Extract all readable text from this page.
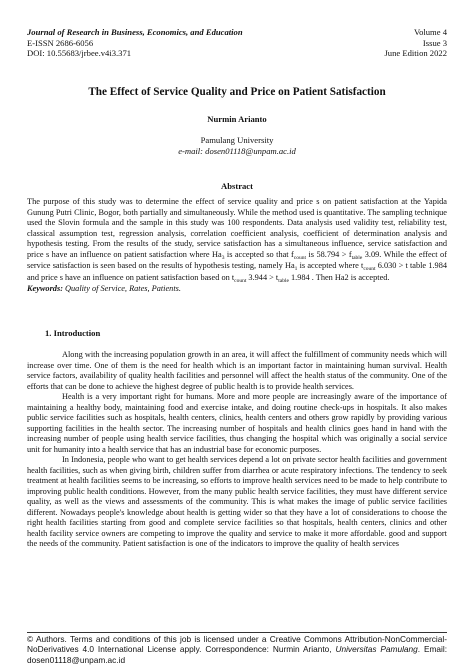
Journal of Research in Business, Economics, and Education
E-ISSN 2686-6056
DOI: 10.55683/jrbee.v4i3.371
Volume 4
Issue 3
June Edition 2022
The Effect of Service Quality and Price on Patient Satisfaction
Nurmin Arianto
Pamulang University
e-mail: dosen01118@unpam.ac.id
Abstract
The purpose of this study was to determine the effect of service quality and price s on patient satisfaction at the Yapida Gunung Putri Clinic, Bogor, both partially and simultaneously. While the method used is quantitative. The sampling technique used the Slovin formula and the sample in this study was 100 respondents. Data analysis used validity test, reliability test, classical assumption test, regression analysis, correlation coefficient analysis, coefficient of determination analysis and hypothesis testing. From the results of the study, service satisfaction has a simultaneous influence, service satisfaction and price s have an influence on patient satisfaction where $Ha_3$ is accepted so that $f_{count}$ is $58.794 > f_{table}$ 3.09. While the effect of service satisfaction is seen based on the results of hypothesis testing, namely $Ha_1$ is accepted where $t_{count}$ 6.030 > t table 1.984 and price s have an influence on patient satisfaction based on $t_{count}$ $3.944 > t_{table}$ 1.984 . Then Ha2 is accepted.
Keywords: Quality of Service, Rates, Patients.
1. Introduction

Along with the increasing population growth in an area, it will affect the fulfillment of community needs which will increase over time. One of them is the need for health which is an important factor in maintaining human survival. Health service factors, availability of quality health facilities and personnel will affect the health status of the community. One of the efforts that can be done to achieve the highest degree of public health is to provide health services.

Health is a very important right for humans. More and more people are increasingly aware of the importance of maintaining a healthy body, maintaining food and exercise intake, and doing routine check-ups in hospitals. It also makes public service facilities such as hospitals, health centers, clinics, health centers and others grow rapidly by providing various supporting facilities in the health sector. The increasing number of hospitals and health clinics goes hand in hand with the increasing number of people using health service facilities, thus changing the hospital which was originally a social service unit for humanity into a health service that has an industrial base for economic purposes.

In Indonesia, people who want to get health services depend a lot on private sector health facilities and government health facilities, such as when giving birth, children suffer from diarrhea or acute respiratory infections. The tendency to seek treatment at health facilities seems to be increasing, so efforts to improve health services need to be made to help contribute to improving public health conditions. However, from the many public health service facilities, they must have different service quality, as well as the views and assessments of the community. This is what makes the image of public service facilities different. Nowadays people's knowledge about health is getting wider so that they have a lot of considerations to choose the right health facilities starting from good and complete service facilities so that hospitals, health centers, clinics and other health facility service owners are competing to improve the quality and service to make it more affordable. good and support the needs of the community. Patient satisfaction is one of the indicators to improve the quality of health services

© Authors. Terms and conditions of this job is licensed under a Creative Commons Attribution-NonCommercial-NoDerivatives 4.0 International License apply. Correspondence: Nurmin Arianto, Universitas Pamulang. Email: dosen01118@unpam.ac.id
